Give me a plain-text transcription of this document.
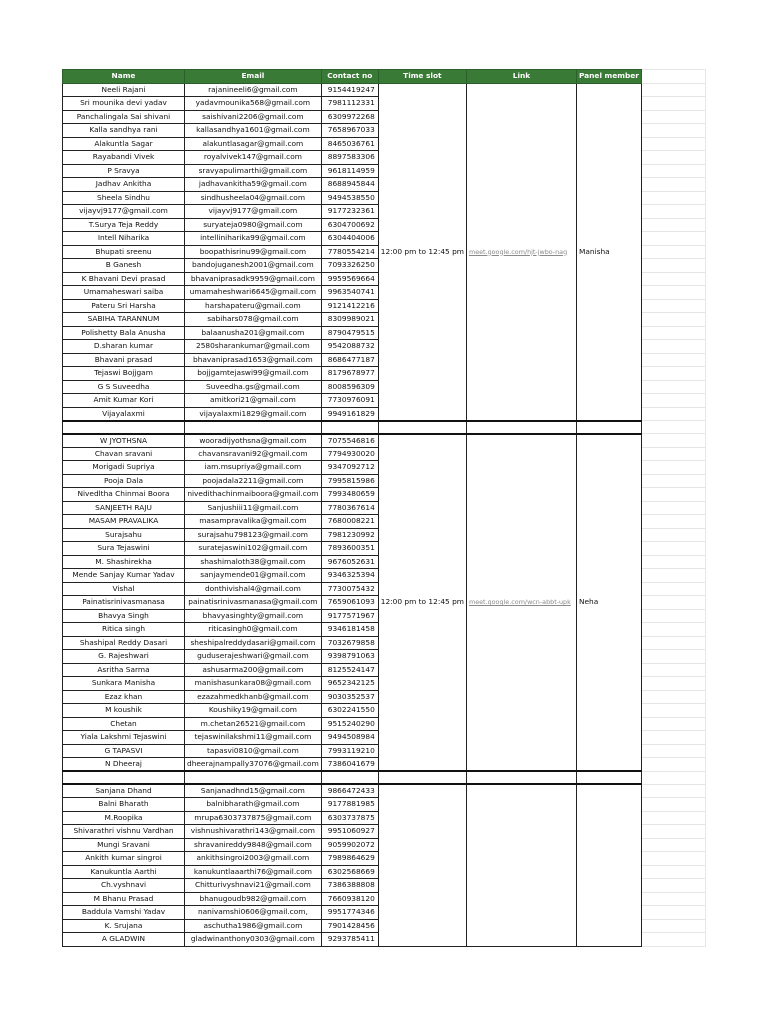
Name	Email	Contact no	Time slot	Link	Panel member	
Neeli Rajani	rajanineeli6@gmail.com	9154419247	12:00 pm to 12:45 pm	meet.google.com/hjt-jwbo-nag	Manisha	
Sri mounika devi yadav	yadavmounika568@gmail.com	7981112331				
Panchalingala Sai shivani	saishivani2206@gmail.com	6309972268				
Kalla sandhya rani	kallasandhya1601@gmail.com	7658967033				
Alakuntla Sagar	alakuntlasagar@gmail.com	8465036761				
Rayabandi Vivek	royalvivek147@gmail.com	8897583306				
P Sravya	sravyapulimarthi@gmail.com	9618114959				
Jadhav Ankitha	jadhavankitha59@gmail.com	8688945844				
Sheela Sindhu	sindhusheela04@gmail.com	9494538550				
vijayvj9177@gmail.com	vijayvj9177@gmail.com	9177232361				
T.Surya Teja Reddy	suryateja0980@gmail.com	6304700692				
Intell Niharika	intelliniharika99@gmail.com	6304404006				
Bhupati sreenu	boopathisrinu99@gmail.com	7780554214				
B Ganesh	bandojuganesh2001@gmail.com	7093326250				
K Bhavani Devi prasad	bhavaniprasadk9959@gmail.com	9959569664				
Umamaheswari saiba	umamaheshwari6645@gmail.com	9963540741				
Pateru Sri Harsha	harshapateru@gmail.com	9121412216				
SABIHA TARANNUM	sabihars078@gmail.com	8309989021				
Polishetty Bala Anusha	balaanusha201@gmail.com	8790479515				
D.sharan kumar	2580sharankumar@gmail.com	9542088732				
Bhavani prasad	bhavaniprasad1653@gmail.com	8686477187				
Tejaswi Bojjgam	bojjgamtejaswi99@gmail.com	8179678977				
G S Suveedha	Suveedha.gs@gmail.com	8008596309				
Amit Kumar Kori	amitkori21@gmail.com	7730976091				
Vijayalaxmi	vijayalaxmi1829@gmail.com	9949161829				

W JYOTHSNA	wooradijyothsna@gmail.com	7075546816	12:00 pm to 12:45 pm	meet.google.com/wcn-abbt-upk	Neha	
Chavan sravani	chavansravani92@gmail.com	7794930020				
Morigadi Supriya	iam.msupriya@gmail.com	9347092712				
Pooja Dala	poojadala2211@gmail.com	7995815986				
Nivedltha Chinmai Boora	nivedithachinmaiboora@gmail.com	7993480659				
SANJEETH RAJU	Sanjushiii11@gmail.com	7780367614				
MASAM PRAVALIKA	masampravalika@gmail.com	7680008221				
Surajsahu	surajsahu798123@gmail.com	7981230992				
Sura Tejaswini	suratejaswini102@gmail.com	7893600351				
M. Shashirekha	shashimaloth38@gmail.com	9676052631				
Mende Sanjay Kumar Yadav	sanjaymende01@gmail.com	9346325394				
Vishal	donthivishal4@gmail.com	7730075432				
Painatisrinivasmanasa	painatisrinivasmanasa@gmail.com	7659061093				
Bhavya Singh	bhavyasinghty@gmail.com	9177571967				
Ritica singh	riticasingh0@gmail.com	9346181458				
Shashipal Reddy Dasari	sheshipalreddydasari@gmail.com	7032679858				
G. Rajeshwari	guduserajeshwari@gmail.com	9398791063				
Asritha Sarma	ashusarma200@gmail.com	8125524147				
Sunkara Manisha	manishasunkara08@gmail.com	9652342125				
Ezaz khan	ezazahmedkhanb@gmail.com	9030352537				
M koushik	Koushiky19@gmail.com	6302241550				
Chetan	m.chetan26521@gmail.com	9515240290				
Yiala Lakshmi Tejaswini	tejaswinilakshmi11@gmail.com	9494508984				
G TAPASVI	tapasvi0810@gmail.com	7993119210				
N Dheeraj	dheerajnampally37076@gmail.com	7386041679				

Sanjana Dhand	Sanjanadhnd15@gmail.com	9866472433				
Balni Bharath	balnibharath@gmail.com	9177881985				
M.Roopika	mrupa6303737875@gmail.com	6303737875				
Shivarathri vishnu Vardhan	vishnushivarathri143@gmail.com	9951060927				
Mungi Sravani	shravanireddy9848@gmail.com	9059902072				
Ankith kumar singroi	ankithsingroi2003@gmail.com	7989864629				
Kanukuntla Aarthi	kanukuntlaaarthi76@gmail.com	6302568669				
Ch.vyshnavi	Chitturivyshnavi21@gmail.com	7386388808				
M Bhanu Prasad	bhanugoudb982@gmail.com	7660938120				
Baddula Vamshi Yadav	nanivamshi0606@gmail.com,	9951774346				
K. Srujana	aschutha1986@gmail.com	7901428456				
A GLADWIN	gladwinanthony0303@gmail.com	9293785411				
